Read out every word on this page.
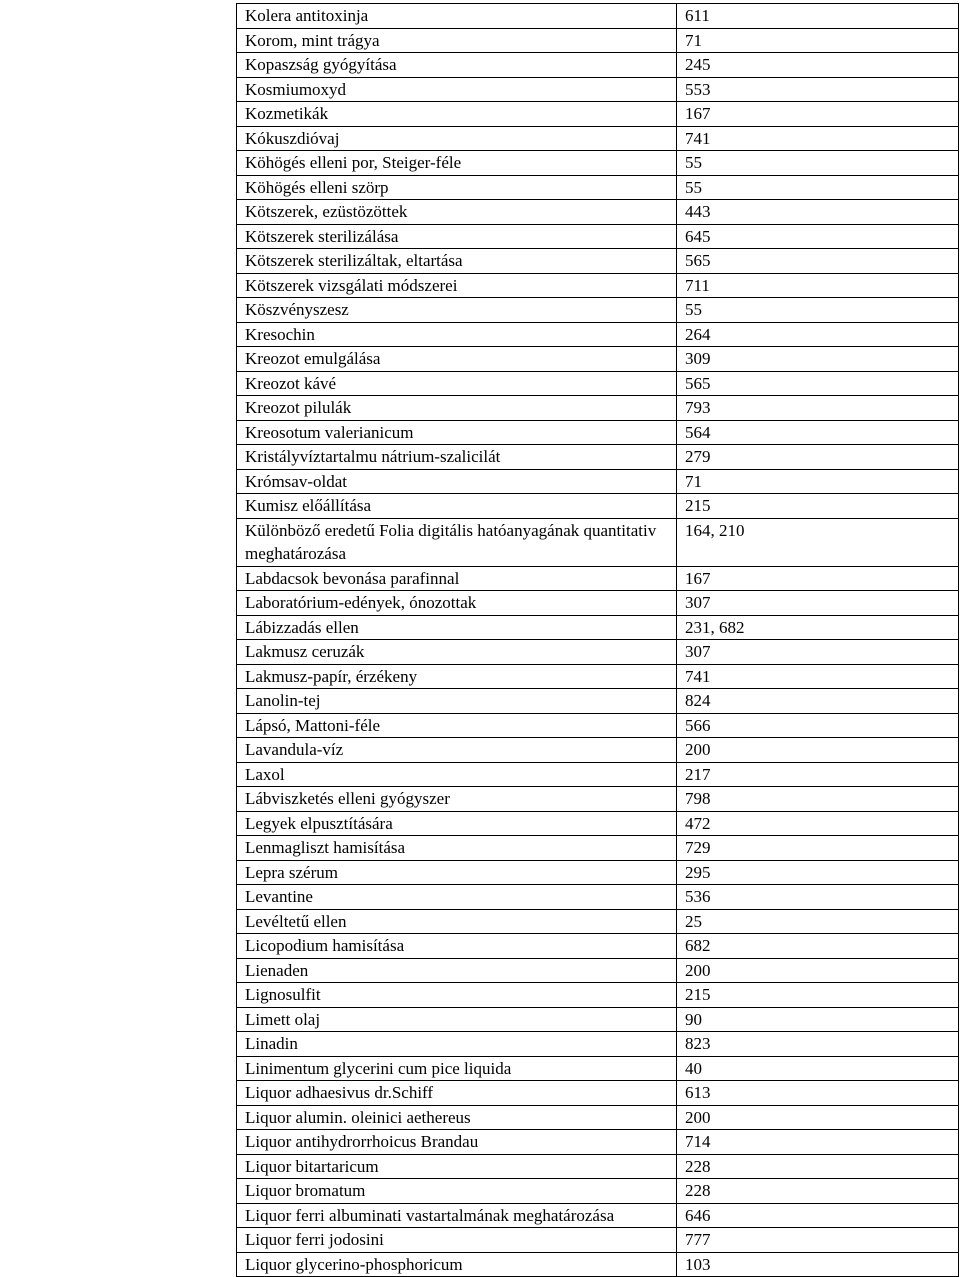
Kolera antitoxinja	611
Korom, mint trágya	71
Kopaszság gyógyítása	245
Kosmiumoxyd	553
Kozmetikák	167
Kókuszdióvaj	741
Köhögés elleni por, Steiger-féle	55
Köhögés elleni szörp	55
Kötszerek, ezüstözöttek	443
Kötszerek sterilizálása	645
Kötszerek sterilizáltak, eltartása	565
Kötszerek vizsgálati módszerei	711
Köszvényszesz	55
Kresochin	264
Kreozot emulgálása	309
Kreozot kávé	565
Kreozot pilulák	793
Kreosotum valerianicum	564
Kristályvíztartalmu nátrium-szalicilát	279
Krómsav-oldat	71
Kumisz előállítása	215
Különböző eredetű Folia digitális hatóanyagának quantitativ meghatározása	164, 210
Labdacsok bevonása parafinnal	167
Laboratórium-edények, ónozottak	307
Lábizzadás ellen	231, 682
Lakmusz ceruzák	307
Lakmusz-papír, érzékeny	741
Lanolin-tej	824
Lápsó, Mattoni-féle	566
Lavandula-víz	200
Laxol	217
Lábviszketés elleni gyógyszer	798
Legyek elpusztítására	472
Lenmagliszt hamisítása	729
Lepra szérum	295
Levantine	536
Levéltetű ellen	25
Licopodium hamisítása	682
Lienaden	200
Lignosulfit	215
Limett olaj	90
Linadin	823
Linimentum glycerini cum pice liquida	40
Liquor adhaesivus dr.Schiff	613
Liquor alumin. oleinici aethereus	200
Liquor antihydrorrhoicus Brandau	714
Liquor bitartaricum	228
Liquor bromatum	228
Liquor ferri albuminati vastartalmának meghatározása	646
Liquor ferri jodosini	777
Liquor glycerino-phosphoricum	103
